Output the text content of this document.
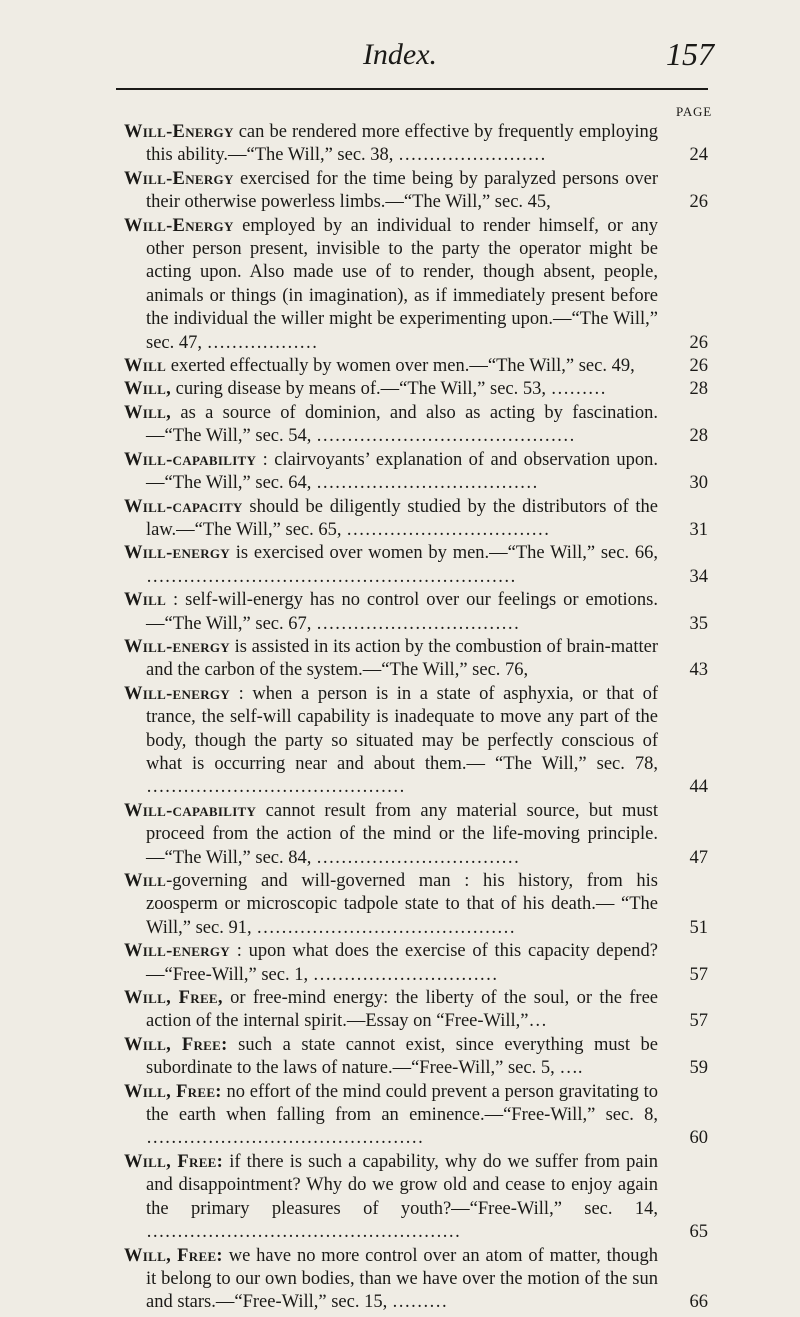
Index.	157
PAGE

Will-Energy can be rendered more effective by frequently employing this ability.—“The Will,” sec. 38, ……………………	24

Will-Energy exercised for the time being by paralyzed persons over their otherwise powerless limbs.—“The Will,” sec. 45,	26

Will-Energy employed by an individual to render himself, or any other person present, invisible to the party the operator might be acting upon. Also made use of to render, though absent, people, animals or things (in imagination), as if immediately present before the individual the willer might be experimenting upon.—“The Will,” sec. 47, ………………	26

Will exerted effectually by women over men.—“The Will,” sec. 49,	26

Will, curing disease by means of.—“The Will,” sec. 53, ………	28

Will, as a source of dominion, and also as acting by fascination. —“The Will,” sec. 54, ……………………………………	28

Will-capability : clairvoyants’ explanation of and observation upon.—“The Will,” sec. 64, ………………………………	30

Will-capacity should be diligently studied by the distributors of the law.—“The Will,” sec. 65, ……………………………	31

Will-energy is exercised over women by men.—“The Will,” sec. 66, ……………………………………………………	34

Will : self-will-energy has no control over our feelings or emotions.—“The Will,” sec. 67, ……………………………	35

Will-energy is assisted in its action by the combustion of brain-matter and the carbon of the system.—“The Will,” sec. 76,	43

Will-energy : when a person is in a state of asphyxia, or that of trance, the self-will capability is inadequate to move any part of the body, though the party so situated may be perfectly conscious of what is occurring near and about them.— “The Will,” sec. 78, ……………………………………	44

Will-capability cannot result from any material source, but must proceed from the action of the mind or the life-moving principle.—“The Will,” sec. 84, ……………………………	47

Will-governing and will-governed man : his history, from his zoosperm or microscopic tadpole state to that of his death.— “The Will,” sec. 91, ……………………………………	51

Will-energy : upon what does the exercise of this capacity depend?—“Free-Will,” sec. 1, …………………………	57

Will, Free, or free-mind energy: the liberty of the soul, or the free action of the internal spirit.—Essay on “Free-Will,”…	57

Will, Free: such a state cannot exist, since everything must be subordinate to the laws of nature.—“Free-Will,” sec. 5, ….	59

Will, Free: no effort of the mind could prevent a person gravitating to the earth when falling from an eminence.—“Free-Will,” sec. 8, ………………………………………	60

Will, Free: if there is such a capability, why do we suffer from pain and disappointment? Why do we grow old and cease to enjoy again the primary pleasures of youth?—“Free-Will,” sec. 14, ……………………………………………	65

Will, Free: we have no more control over an atom of matter, though it belong to our own bodies, than we have over the motion of the sun and stars.—“Free-Will,” sec. 15, ………	66
